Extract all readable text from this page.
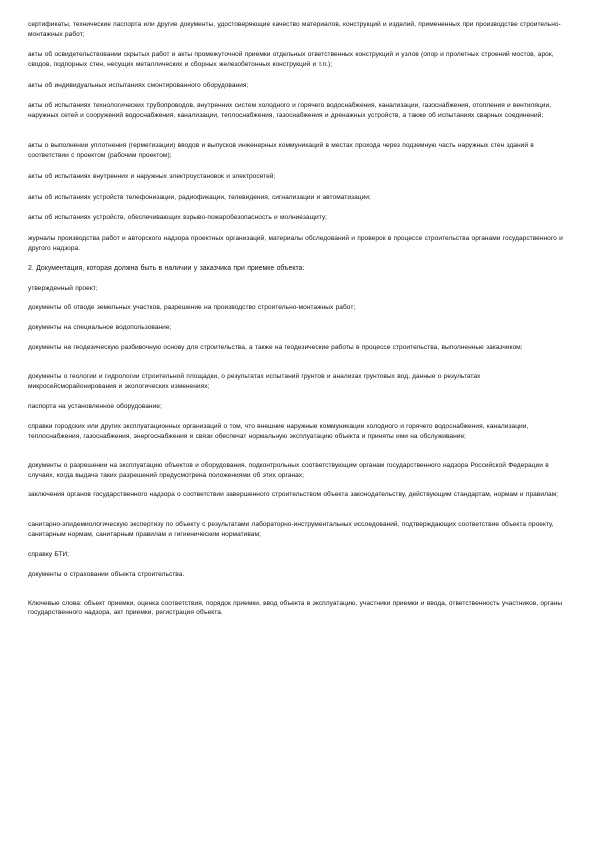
сертификаты, технические паспорта или другие документы, удостоверяющие качество материалов, конструкций и изделий, примененных при производстве строительно-монтажных работ;

акты об освидетельствовании скрытых работ и акты промежуточной приемки отдельных ответственных конструкций и узлов (опор и пролетных строений мостов, арок, сводов, подпорных стен, несущих металлических и сборных железобетонных конструкций и т.п.);

акты об индивидуальных испытаниях смонтированного оборудования;

акты об испытаниях технологических трубопроводов, внутренних систем холодного и горячего водоснабжения, канализации, газоснабжения, отопления и вентиляции, наружных сетей и сооружений водоснабжения, канализации, теплоснабжения, газоснабжения и дренажных устройств, а также об испытаниях сварных соединений;

акты о выполнении уплотнения (герметизации) вводов и выпусков инженерных коммуникаций в местах прохода через подземную часть наружных стен зданий в соответствии с проектом (рабочим проектом);

акты об испытаниях внутренних и наружных электроустановок и электросетей;

акты об испытаниях устройств телефонизации, радиофикации, телевидения, сигнализации и автоматизации;

акты об испытаниях устройств, обеспечивающих взрыво-пожаробезопасность и молниезащиту;

журналы производства работ и авторского надзора проектных организаций, материалы обследований и проверок в процессе строительства органами государственного и другого надзора.

2. Документация, которая должна быть в наличии у заказчика при приемке объекта:

утвержденный проект;

документы об отводе земельных участков, разрешение на производство строительно-монтажных работ;

документы на специальное водопользование;

документы на геодезическую разбивочную основу для строительства, а также на геодезические работы в процессе строительства, выполненные заказчиком;

документы о геологии и гидрологии строительной площадки, о результатах испытаний грунтов и анализах грунтовых вод, данные о результатах микросейсморайонирования и экологических изменениях;

паспорта на установленное оборудование;

справки городских или других эксплуатационных организаций о том, что внешние наружные коммуникации холодного и горячего водоснабжения, канализации, теплоснабжения, газоснабжения, энергоснабжения и связи обеспечат нормальную эксплуатацию объекта и приняты ими на обслуживание;

документы о разрешении на эксплуатацию объектов и оборудования, подконтрольных соответствующим органам государственного надзора Российской Федерации в случаях, когда выдача таких разрешений предусмотрена положениями об этих органах;

заключения органов государственного надзора о соответствии завершенного строительством объекта законодательству, действующим стандартам, нормам и правилам;

санитарно-эпидемиологическую экспертизу по объекту с результатами лабораторно-инструментальных исследований, подтверждающих соответствие объекта проекту, санитарным нормам, санитарным правилам и гигиеническим нормативам;

справку БТИ;

документы о страховании объекта строительства.

Ключевые слова: объект приемки, оценка соответствия, порядок приемки, ввод объекта в эксплуатацию, участники приемки и ввода, ответственность участников, органы государственного надзора, акт приемки, регистрация объекта.
